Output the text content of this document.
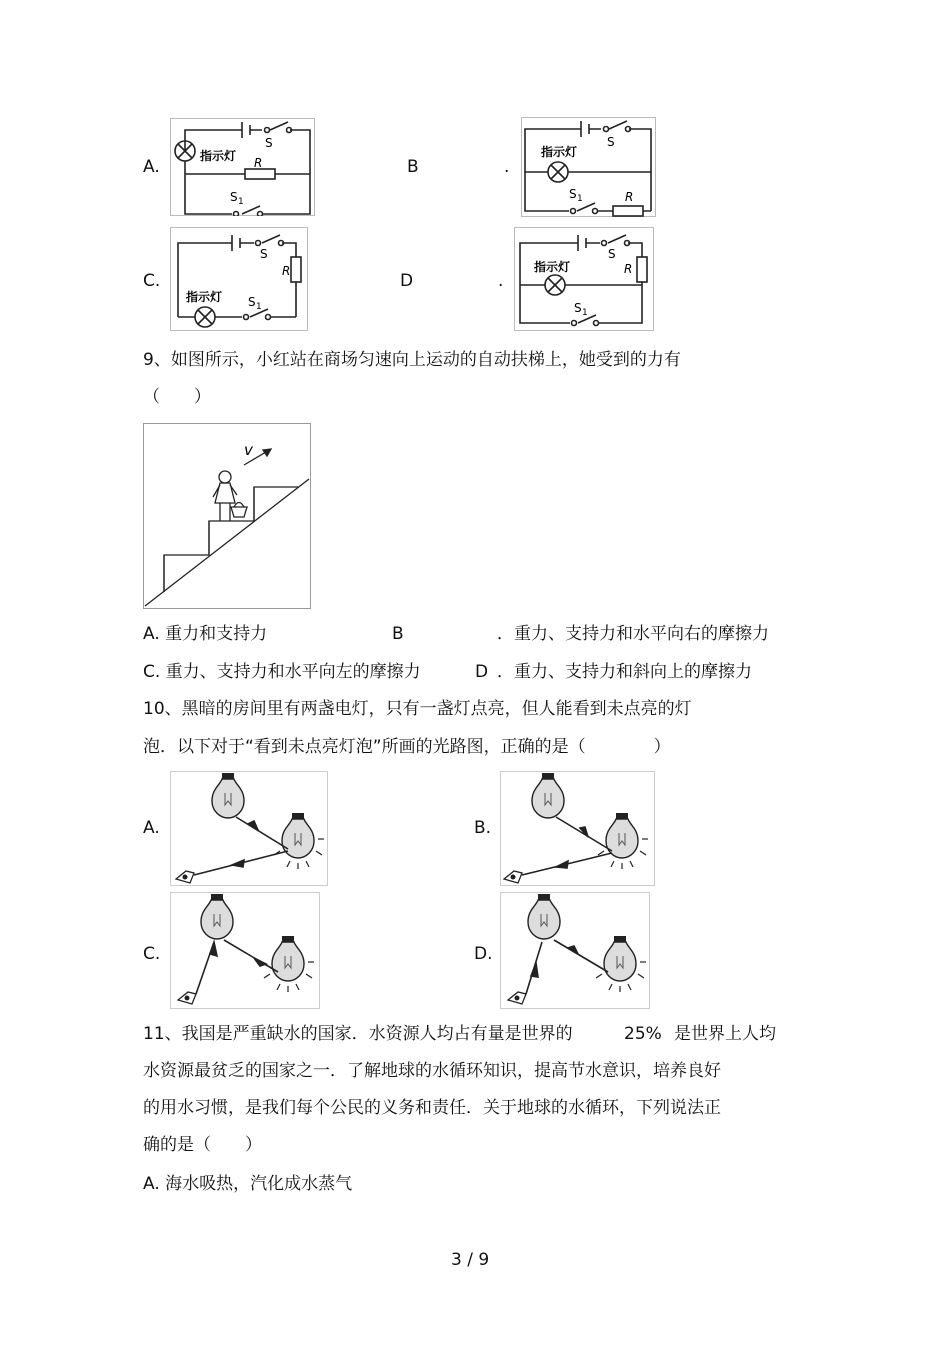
A.
指示灯
S
R
S 1
B	.
指示灯
S
S 1	R
C.
S
R
指示灯 S 1
D	.
指示灯
S
R
S 1
9、如图所示，小红站在商场匀速向上运动的自动扶梯上，她受到的力有
（　　）
v
A. 重力和支持力	B	．重力、支持力和水平向右的摩擦力
C. 重力、支持力和水平向左的摩擦力	D ．重力、支持力和斜向上的摩擦力
10、黑暗的房间里有两盏电灯，只有一盏灯点亮，但人能看到未点亮的灯
泡．以下对于“看到未点亮灯泡”所画的光路图，正确的是（　　　　）
A.	B.
C.	D.
11、我国是严重缺水的国家．水资源人均占有量是世界的	25% 是世界上人均
水资源最贫乏的国家之一．了解地球的水循环知识，提高节水意识，培养良好
的用水习惯，是我们每个公民的义务和责任．关于地球的水循环，下列说法正
确的是（　　）
A. 海水吸热，汽化成水蒸气
3 / 9
